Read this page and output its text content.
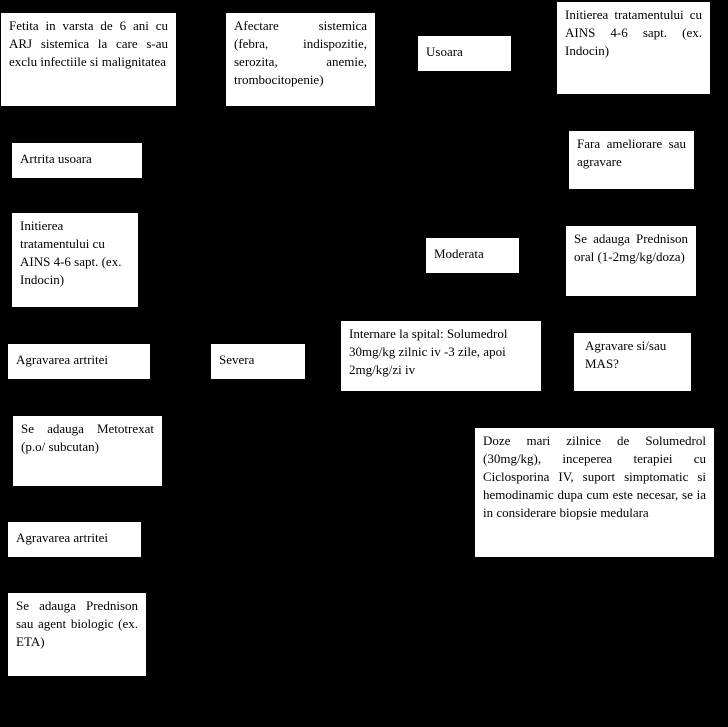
Fetita in varsta de 6 ani cu ARJ sistemica la care s-au exclu infectiile si malignitatea

Afectare sistemica (febra, indispozitie, serozita, anemie, trombocitopenie)

Usoara

Initierea tratamentului cu AINS 4-6 sapt. (ex. Indocin)

Fara ameliorare sau agravare

Artrita usoara

Initierea tratamentului cu AINS 4-6 sapt. (ex. Indocin)

Moderata

Se adauga Prednison oral (1-2mg/kg/doza)

Agravarea artritei	Severa

Internare la spital: Solumedrol 30mg/kg zilnic iv -3 zile, apoi 2mg/kg/zi iv

Agravare si/sau MAS?

Se adauga Metotrexat (p.o/ subcutan)	Doze mari zilnice de Solumedrol (30mg/kg), inceperea terapiei cu Ciclosporina IV, suport simptomatic si hemodinamic dupa cum este necesar, se ia in considerare biopsie medulara

Agravarea artritei

Se adauga Prednison sau agent biologic (ex. ETA)
